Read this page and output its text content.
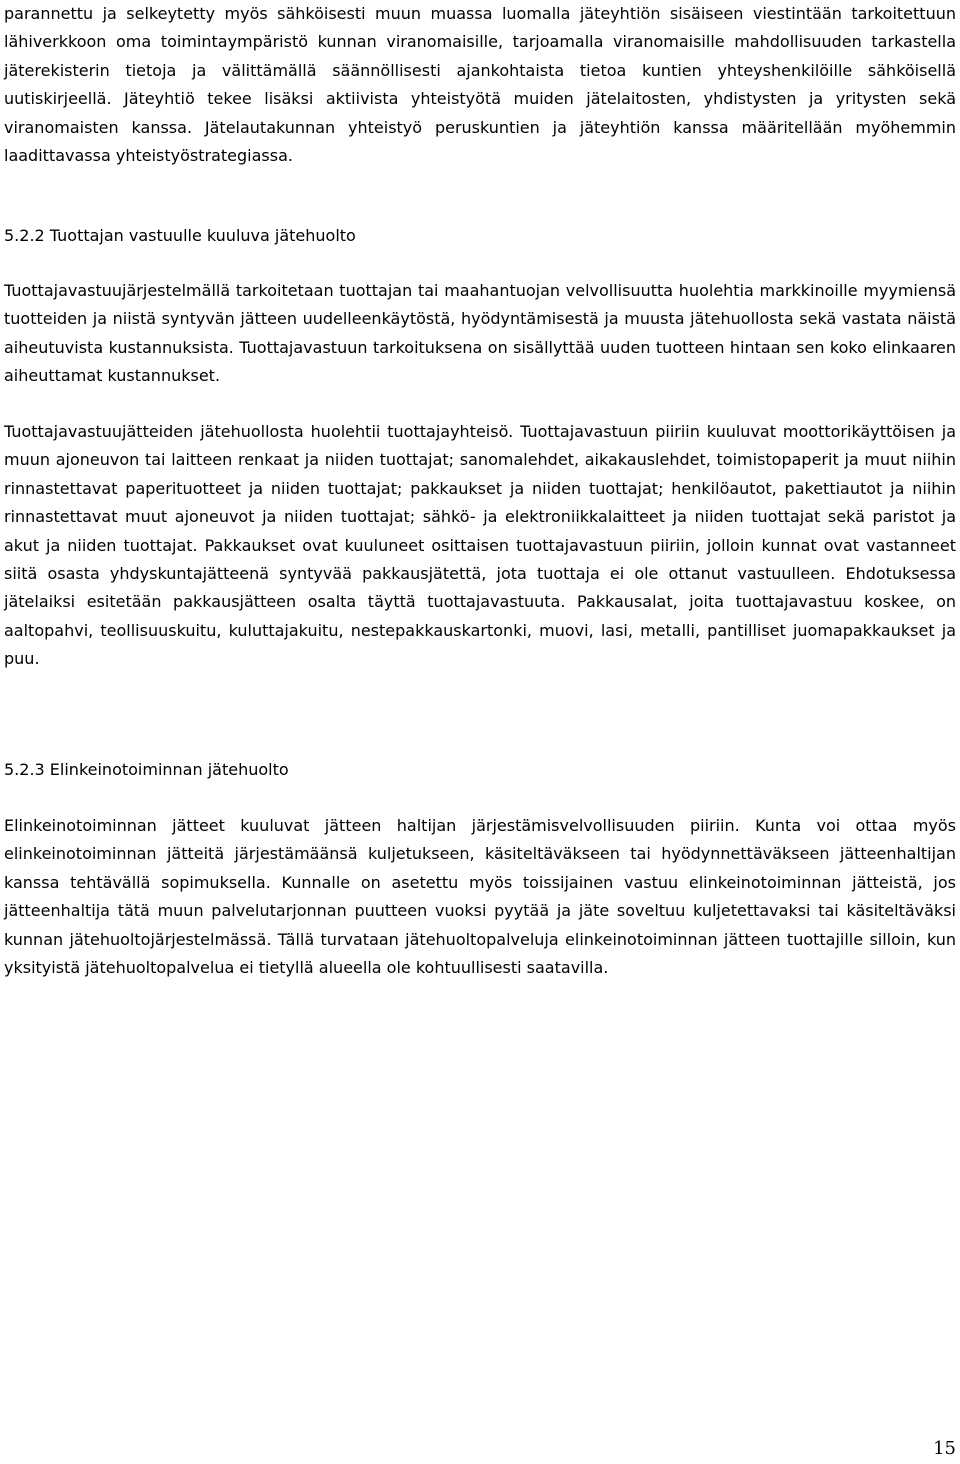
parannettu ja selkeytetty myös sähköisesti muun muassa luomalla jäteyhtiön sisäiseen viestintään tarkoitettuun lähiverkkoon oma toimintaympäristö kunnan viranomaisille, tarjoamalla viranomaisille mahdollisuuden tarkastella jäterekisterin tietoja ja välittämällä säännöllisesti ajankohtaista tietoa kuntien yhteyshenkilöille sähköisellä uutiskirjeellä. Jäteyhtiö tekee lisäksi aktiivista yhteistyötä muiden jätelaitosten, yhdistysten ja yritysten sekä viranomaisten kanssa. Jätelautakunnan yhteistyö peruskuntien ja jäteyhtiön kanssa määritellään myöhemmin laadittavassa yhteistyöstrategiassa.

5.2.2 Tuottajan vastuulle kuuluva jätehuolto

Tuottajavastuujärjestelmällä tarkoitetaan tuottajan tai maahantuojan velvollisuutta huolehtia markkinoille myymiensä tuotteiden ja niistä syntyvän jätteen uudelleenkäytöstä, hyödyntämisestä ja muusta jätehuollosta sekä vastata näistä aiheutuvista kustannuksista. Tuottajavastuun tarkoituksena on sisällyttää uuden tuotteen hintaan sen koko elinkaaren aiheuttamat kustannukset.

Tuottajavastuujätteiden jätehuollosta huolehtii tuottajayhteisö. Tuottajavastuun piiriin kuuluvat moottorikäyttöisen ja muun ajoneuvon tai laitteen renkaat ja niiden tuottajat; sanomalehdet, aikakauslehdet, toimistopaperit ja muut niihin rinnastettavat paperituotteet ja niiden tuottajat; pakkaukset ja niiden tuottajat; henkilöautot, pakettiautot ja niihin rinnastettavat muut ajoneuvot ja niiden tuottajat; sähkö- ja elektroniikkalaitteet ja niiden tuottajat sekä paristot ja akut ja niiden tuottajat. Pakkaukset ovat kuuluneet osittaisen tuottajavastuun piiriin, jolloin kunnat ovat vastanneet siitä osasta yhdyskuntajätteenä syntyvää pakkausjätettä, jota tuottaja ei ole ottanut vastuulleen. Ehdotuksessa jätelaiksi esitetään pakkausjätteen osalta täyttä tuottajavastuuta. Pakkausalat, joita tuottajavastuu koskee, on aaltopahvi, teollisuuskuitu, kuluttajakuitu, nestepakkauskartonki, muovi, lasi, metalli, pantilliset juomapakkaukset ja puu.

5.2.3 Elinkeinotoiminnan jätehuolto

Elinkeinotoiminnan jätteet kuuluvat jätteen haltijan järjestämisvelvollisuuden piiriin. Kunta voi ottaa myös elinkeinotoiminnan jätteitä järjestämäänsä kuljetukseen, käsiteltäväkseen tai hyödynnettäväkseen jätteenhaltijan kanssa tehtävällä sopimuksella. Kunnalle on asetettu myös toissijainen vastuu elinkeinotoiminnan jätteistä, jos jätteenhaltija tätä muun palvelutarjonnan puutteen vuoksi pyytää ja jäte soveltuu kuljetettavaksi tai käsiteltäväksi kunnan jätehuoltojärjestelmässä. Tällä turvataan jätehuoltopalveluja elinkeinotoiminnan jätteen tuottajille silloin, kun yksityistä jätehuoltopalvelua ei tietyllä alueella ole kohtuullisesti saatavilla.

15
